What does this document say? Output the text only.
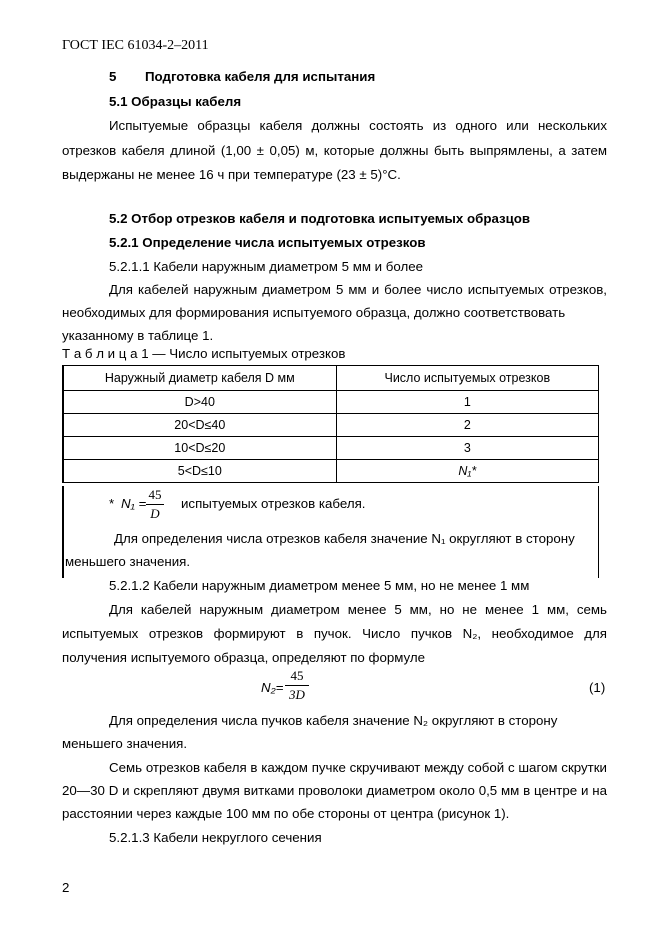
ГОСТ IEC 61034-2–2011
5 Подготовка кабеля для испытания
5.1 Образцы кабеля
Испытуемые образцы кабеля должны состоять из одного или нескольких
отрезков кабеля длиной (1,00 ± 0,05) м, которые должны быть выпрямлены, а затем
выдержаны не менее 16 ч при температуре (23 ± 5)°С.
5.2 Отбор отрезков кабеля и подготовка испытуемых образцов
5.2.1 Определение числа испытуемых отрезков
5.2.1.1 Кабели наружным диаметром 5 мм и более
Для кабелей наружным диаметром 5 мм и более число испытуемых отрезков,
необходимых для формирования испытуемого образца, должно соответствовать
указанному в таблице 1.
Т а б л и ц а 1 — Число испытуемых отрезков
Наружный диаметр кабеля D мм	Число испытуемых отрезков
D>40	1
20<D≤40	2
10<D≤20	3
5<D≤10	N₁*
* N₁ =
45
D
испытуемых отрезков кабеля.
Для определения числа отрезков кабеля значение N₁ округляют в сторону
меньшего значения.
5.2.1.2 Кабели наружным диаметром менее 5 мм, но не менее 1 мм
Для кабелей наружным диаметром менее 5 мм, но не менее 1 мм, семь
испытуемых отрезков формируют в пучок. Число пучков N₂, необходимое для
получения испытуемого образца, определяют по формуле
N₂=
45
3D	(1)
Для определения числа пучков кабеля значение N₂ округляют в сторону
меньшего значения.
Семь отрезков кабеля в каждом пучке скручивают между собой с шагом скрутки
20—30 D и скрепляют двумя витками проволоки диаметром около 0,5 мм в центре и на
расстоянии через каждые 100 мм по обе стороны от центра (рисунок 1).
5.2.1.3 Кабели некруглого сечения
2
